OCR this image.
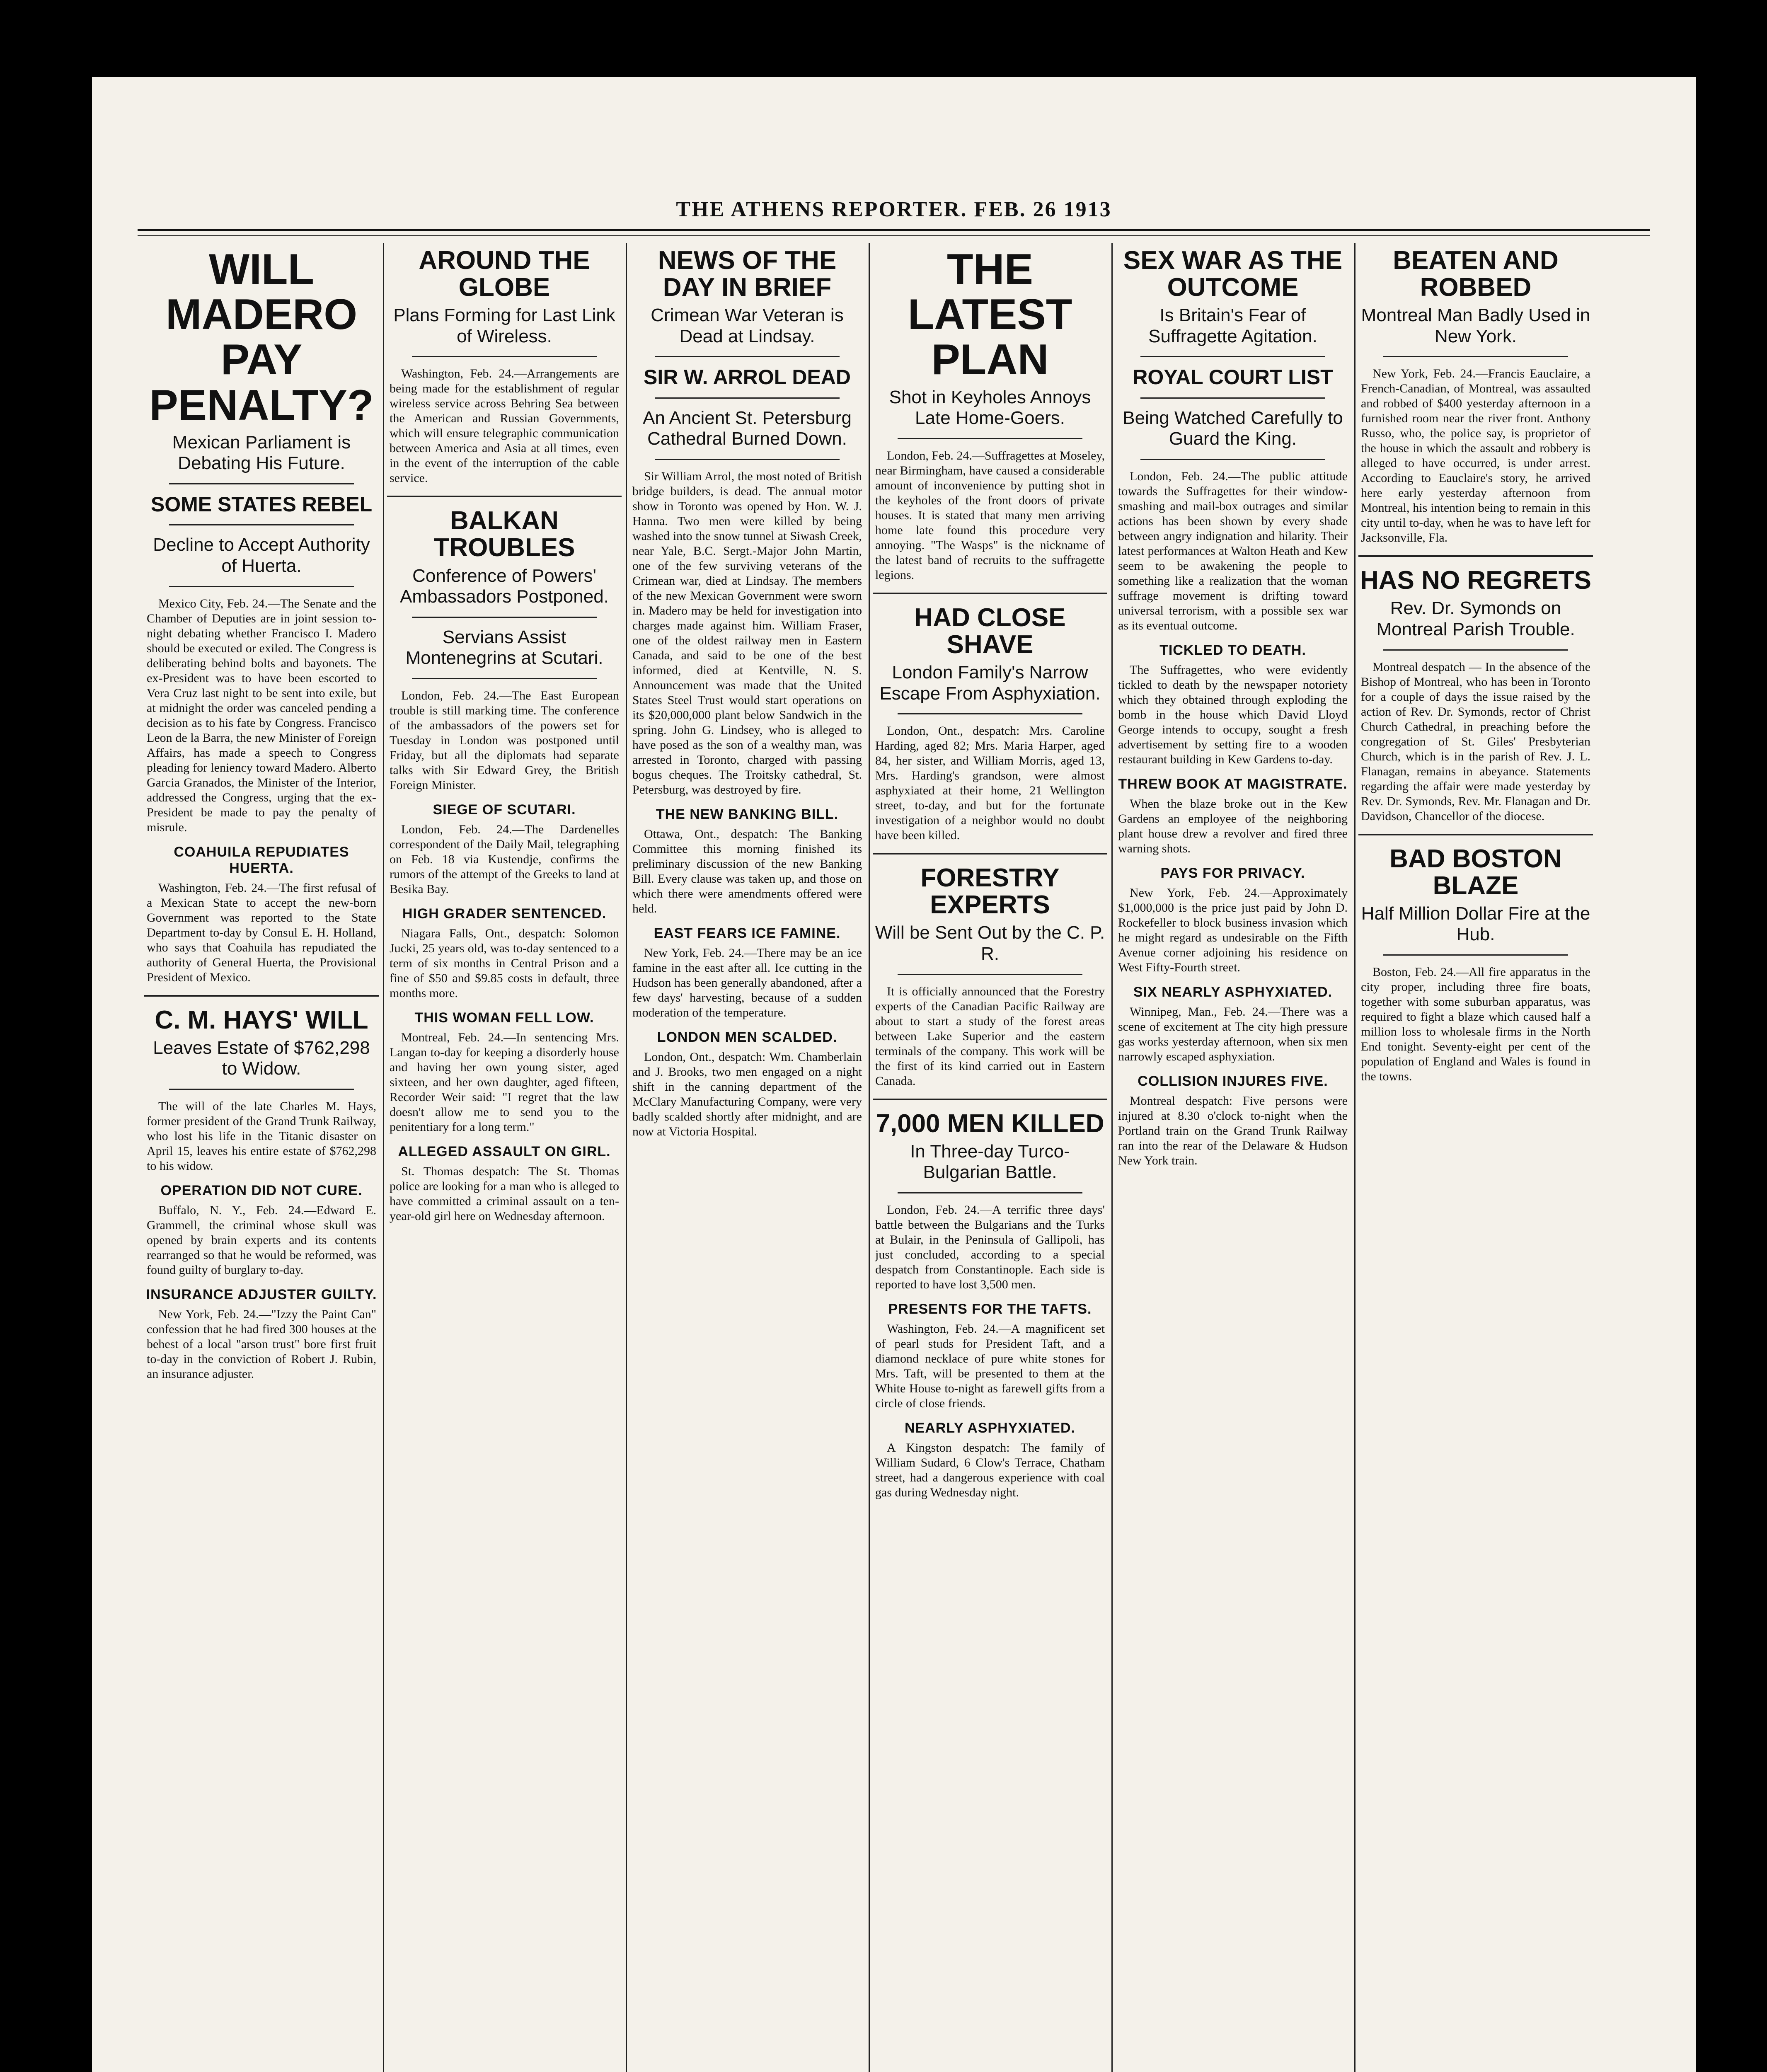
THE ATHENS REPORTER. FEB. 26 1913
WILL MADERO PAY PENALTY?
Mexican Parliament is Debating His Future.
SOME STATES REBEL
Decline to Accept Authority of Huerta.

Mexico City, Feb. 24.—The Senate and the Chamber of Deputies are in joint session to-night debating whether Francisco I. Madero should be executed or exiled. The Congress is deliberating behind bolts and bayonets. The ex-President was to have been escorted to Vera Cruz last night to be sent into exile, but at midnight the order was canceled pending a decision as to his fate by Congress. Francisco Leon de la Barra, the new Minister of Foreign Affairs, has made a speech to Congress pleading for leniency toward Madero. Alberto Garcia Granados, the Minister of the Interior, addressed the Congress, urging that the ex-President be made to pay the penalty of misrule.

COAHUILA REPUDIATES HUERTA.

Washington, Feb. 24.—The first refusal of a Mexican State to accept the new-born Government was reported to the State Department to-day by Consul E. H. Holland, who says that Coahuila has repudiated the authority of General Huerta, the Provisional President of Mexico.

C. M. HAYS' WILL
Leaves Estate of $762,298 to Widow.

The will of the late Charles M. Hays, former president of the Grand Trunk Railway, who lost his life in the Titanic disaster on April 15, leaves his entire estate of $762,298 to his widow.

OPERATION DID NOT CURE.

Buffalo, N. Y., Feb. 24.—Edward E. Grammell, the criminal whose skull was opened by brain experts and its contents rearranged so that he would be reformed, was found guilty of burglary to-day.

INSURANCE ADJUSTER GUILTY.

New York, Feb. 24.—"Izzy the Paint Can" confession that he had fired 300 houses at the behest of a local "arson trust" bore first fruit to-day in the conviction of Robert J. Rubin, an insurance adjuster.

AROUND THE GLOBE
Plans Forming for Last Link of Wireless.

Washington, Feb. 24.—Arrangements are being made for the establishment of regular wireless service across Behring Sea between the American and Russian Governments, which will ensure telegraphic communication between America and Asia at all times, even in the event of the interruption of the cable service.

BALKAN TROUBLES
Conference of Powers' Ambassadors Postponed.
Servians Assist Montenegrins at Scutari.

London, Feb. 24.—The East European trouble is still marking time. The conference of the ambassadors of the powers set for Tuesday in London was postponed until Friday, but all the diplomats had separate talks with Sir Edward Grey, the British Foreign Minister.

SIEGE OF SCUTARI.

London, Feb. 24.—The Dardenelles correspondent of the Daily Mail, telegraphing on Feb. 18 via Kustendje, confirms the rumors of the attempt of the Greeks to land at Besika Bay.

HIGH GRADER SENTENCED.

Niagara Falls, Ont., despatch: Solomon Jucki, 25 years old, was to-day sentenced to a term of six months in Central Prison and a fine of $50 and $9.85 costs in default, three months more.

THIS WOMAN FELL LOW.

Montreal, Feb. 24.—In sentencing Mrs. Langan to-day for keeping a disorderly house and having her own young sister, aged sixteen, and her own daughter, aged fifteen, Recorder Weir said: "I regret that the law doesn't allow me to send you to the penitentiary for a long term."

ALLEGED ASSAULT ON GIRL.

St. Thomas despatch: The St. Thomas police are looking for a man who is alleged to have committed a criminal assault on a ten-year-old girl here on Wednesday afternoon.

NEWS OF THE DAY IN BRIEF
Crimean War Veteran is Dead at Lindsay.
SIR W. ARROL DEAD
An Ancient St. Petersburg Cathedral Burned Down.

Sir William Arrol, the most noted of British bridge builders, is dead. The annual motor show in Toronto was opened by Hon. W. J. Hanna. Two men were killed by being washed into the snow tunnel at Siwash Creek, near Yale, B.C. Sergt.-Major John Martin, one of the few surviving veterans of the Crimean war, died at Lindsay. The members of the new Mexican Government were sworn in. Madero may be held for investigation into charges made against him. William Fraser, one of the oldest railway men in Eastern Canada, and said to be one of the best informed, died at Kentville, N. S. Announcement was made that the United States Steel Trust would start operations on its $20,000,000 plant below Sandwich in the spring. John G. Lindsey, who is alleged to have posed as the son of a wealthy man, was arrested in Toronto, charged with passing bogus cheques. The Troitsky cathedral, St. Petersburg, was destroyed by fire.

THE NEW BANKING BILL.

Ottawa, Ont., despatch: The Banking Committee this morning finished its preliminary discussion of the new Banking Bill. Every clause was taken up, and those on which there were amendments offered were held.

EAST FEARS ICE FAMINE.

New York, Feb. 24.—There may be an ice famine in the east after all. Ice cutting in the Hudson has been generally abandoned, after a few days' harvesting, because of a sudden moderation of the temperature.

LONDON MEN SCALDED.

London, Ont., despatch: Wm. Chamberlain and J. Brooks, two men engaged on a night shift in the canning department of the McClary Manufacturing Company, were very badly scalded shortly after midnight, and are now at Victoria Hospital.

THE LATEST PLAN
Shot in Keyholes Annoys Late Home-Goers.

London, Feb. 24.—Suffragettes at Moseley, near Birmingham, have caused a considerable amount of inconvenience by putting shot in the keyholes of the front doors of private houses. It is stated that many men arriving home late found this procedure very annoying. "The Wasps" is the nickname of the latest band of recruits to the suffragette legions.

HAD CLOSE SHAVE
London Family's Narrow Escape From Asphyxiation.

London, Ont., despatch: Mrs. Caroline Harding, aged 82; Mrs. Maria Harper, aged 84, her sister, and William Morris, aged 13, Mrs. Harding's grandson, were almost asphyxiated at their home, 21 Wellington street, to-day, and but for the fortunate investigation of a neighbor would no doubt have been killed.

FORESTRY EXPERTS
Will be Sent Out by the C. P. R.

It is officially announced that the Forestry experts of the Canadian Pacific Railway are about to start a study of the forest areas between Lake Superior and the eastern terminals of the company. This work will be the first of its kind carried out in Eastern Canada.

7,000 MEN KILLED
In Three-day Turco-Bulgarian Battle.

London, Feb. 24.—A terrific three days' battle between the Bulgarians and the Turks at Bulair, in the Peninsula of Gallipoli, has just concluded, according to a special despatch from Constantinople. Each side is reported to have lost 3,500 men.

PRESENTS FOR THE TAFTS.

Washington, Feb. 24.—A magnificent set of pearl studs for President Taft, and a diamond necklace of pure white stones for Mrs. Taft, will be presented to them at the White House to-night as farewell gifts from a circle of close friends.

NEARLY ASPHYXIATED.

A Kingston despatch: The family of William Sudard, 6 Clow's Terrace, Chatham street, had a dangerous experience with coal gas during Wednesday night.

SEX WAR AS THE OUTCOME
Is Britain's Fear of Suffragette Agitation.
ROYAL COURT LIST
Being Watched Carefully to Guard the King.

London, Feb. 24.—The public attitude towards the Suffragettes for their window-smashing and mail-box outrages and similar actions has been shown by every shade between angry indignation and hilarity. Their latest performances at Walton Heath and Kew seem to be awakening the people to something like a realization that the woman suffrage movement is drifting toward universal terrorism, with a possible sex war as its eventual outcome.

TICKLED TO DEATH.

The Suffragettes, who were evidently tickled to death by the newspaper notoriety which they obtained through exploding the bomb in the house which David Lloyd George intends to occupy, sought a fresh advertisement by setting fire to a wooden restaurant building in Kew Gardens to-day.

THREW BOOK AT MAGISTRATE.

When the blaze broke out in the Kew Gardens an employee of the neighboring plant house drew a revolver and fired three warning shots.

PAYS FOR PRIVACY.

New York, Feb. 24.—Approximately $1,000,000 is the price just paid by John D. Rockefeller to block business invasion which he might regard as undesirable on the Fifth Avenue corner adjoining his residence on West Fifty-Fourth street.

SIX NEARLY ASPHYXIATED.

Winnipeg, Man., Feb. 24.—There was a scene of excitement at The city high pressure gas works yesterday afternoon, when six men narrowly escaped asphyxiation.

COLLISION INJURES FIVE.

Montreal despatch: Five persons were injured at 8.30 o'clock to-night when the Portland train on the Grand Trunk Railway ran into the rear of the Delaware & Hudson New York train.

BEATEN AND ROBBED
Montreal Man Badly Used in New York.

New York, Feb. 24.—Francis Eauclaire, a French-Canadian, of Montreal, was assaulted and robbed of $400 yesterday afternoon in a furnished room near the river front. Anthony Russo, who, the police say, is proprietor of the house in which the assault and robbery is alleged to have occurred, is under arrest. According to Eauclaire's story, he arrived here early yesterday afternoon from Montreal, his intention being to remain in this city until to-day, when he was to have left for Jacksonville, Fla.

HAS NO REGRETS
Rev. Dr. Symonds on Montreal Parish Trouble.

Montreal despatch — In the absence of the Bishop of Montreal, who has been in Toronto for a couple of days the issue raised by the action of Rev. Dr. Symonds, rector of Christ Church Cathedral, in preaching before the congregation of St. Giles' Presbyterian Church, which is in the parish of Rev. J. L. Flanagan, remains in abeyance. Statements regarding the affair were made yesterday by Rev. Dr. Symonds, Rev. Mr. Flanagan and Dr. Davidson, Chancellor of the diocese.

BAD BOSTON BLAZE
Half Million Dollar Fire at the Hub.

Boston, Feb. 24.—All fire apparatus in the city proper, including three fire boats, together with some suburban apparatus, was required to fight a blaze which caused half a million loss to wholesale firms in the North End tonight. Seventy-eight per cent of the population of England and Wales is found in the towns.
